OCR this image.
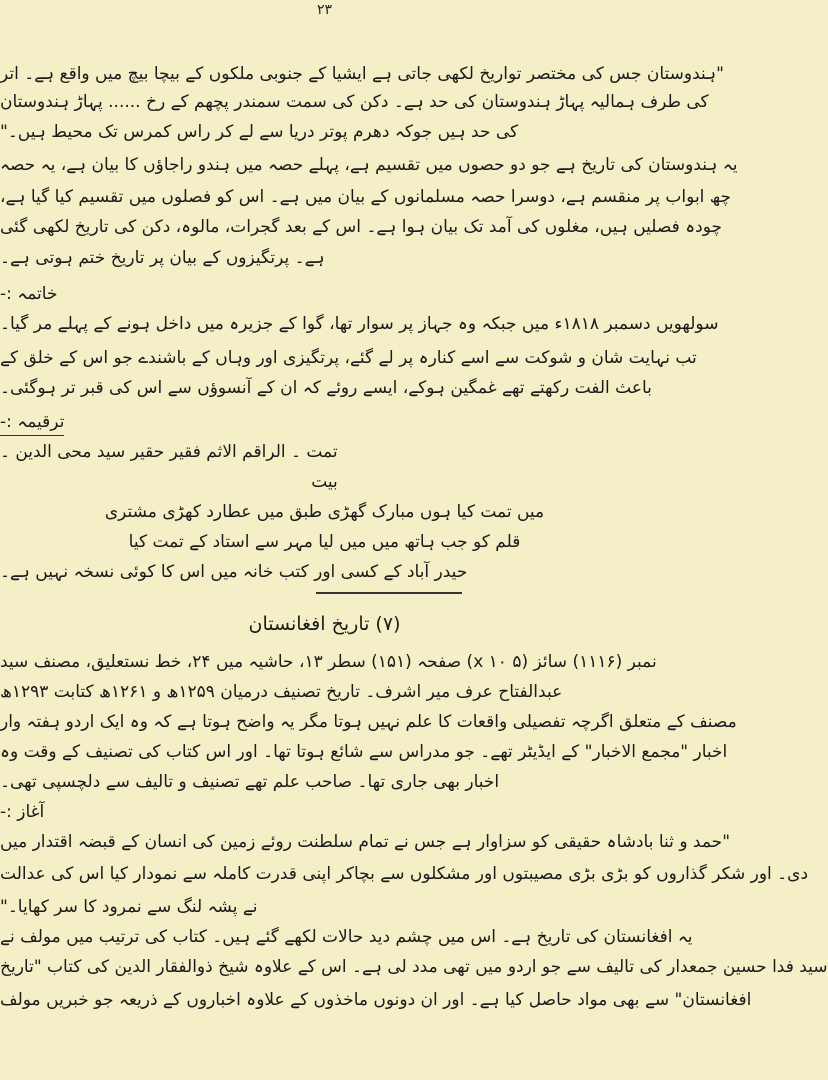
۲۳
"ہندوستان جس کی مختصر تواریخ لکھی جاتی ہے ایشیا کے جنوبی ملکوں کے بیچا بیچ میں واقع ہے۔ اتر
کی طرف ہمالیہ پہاڑ ہندوستان کی حد ہے۔ دکن کی سمت سمندر پچھم کے رخ ...... پہاڑ ہندوستان
کی حد ہیں جوکہ دھرم پوتر دریا سے لے کر راس کمرس تک محیط ہیں۔"
یہ ہندوستان کی تاریخ ہے جو دو حصوں میں تقسیم ہے، پہلے حصہ میں ہندو راجاؤں کا بیان ہے، یہ حصہ
چھ ابواب پر منقسم ہے، دوسرا حصہ مسلمانوں کے بیان میں ہے۔ اس کو فصلوں میں تقسیم کیا گیا ہے،
چودہ فصلیں ہیں، مغلوں کی آمد تک بیان ہوا ہے۔ اس کے بعد گجرات، مالوہ، دکن کی تاریخ لکھی گئی
ہے۔ پرتگیزوں کے بیان پر تاریخ ختم ہوتی ہے۔
خاتمہ :-
سولھویں دسمبر ۱۸۱۸ء میں جبکہ وہ جہاز پر سوار تھا، گوا کے جزیرہ میں داخل ہونے کے پہلے مر گیا۔
تب نہایت شان و شوکت سے اسے کنارہ پر لے گئے، پرتگیزی اور وہاں کے باشندے جو اس کے خلق کے
باعث الفت رکھتے تھے غمگین ہوکے، ایسے روئے کہ ان کے آنسوؤں سے اس کی قبر تر ہوگئی۔
ترقیمہ :-
تمت ۔ الراقم الاثم فقیر حقیر سید محی الدین ۔
بیت
میں تمت کیا ہوں مبارک گھڑی طبق میں عطارد کھڑی مشتری
قلم کو جب ہاتھ میں میں لیا مہر سے استاد کے تمت کیا
حیدر آباد کے کسی اور کتب خانہ میں اس کا کوئی نسخہ نہیں ہے۔
(۷) تاریخ افغانستان
نمبر (۱۱۱۶) سائز (۵ x ۱۰) صفحہ (۱۵۱) سطر ۱۳، حاشیہ میں ۲۴، خط نستعلیق، مصنف سید
عبدالفتاح عرف میر اشرف۔ تاریخ تصنیف درمیان ۱۲۵۹ھ و ۱۲۶۱ھ کتابت ۱۲۹۳ھ
مصنف کے متعلق اگرچہ تفصیلی واقعات کا علم نہیں ہوتا مگر یہ واضح ہوتا ہے کہ وہ ایک اردو ہفتہ وار
اخبار "مجمع الاخبار" کے ایڈیٹر تھے۔ جو مدراس سے شائع ہوتا تھا۔ اور اس کتاب کی تصنیف کے وقت وہ
اخبار بھی جاری تھا۔ صاحب علم تھے تصنیف و تالیف سے دلچسپی تھی۔
آغاز :-
"حمد و ثنا بادشاہ حقیقی کو سزاوار ہے جس نے تمام سلطنت روئے زمین کی انسان کے قبضہ اقتدار میں
دی۔ اور شکر گذاروں کو بڑی بڑی مصیبتوں اور مشکلوں سے بچاکر اپنی قدرت کاملہ سے نمودار کیا اس کی عدالت
نے پشہ لنگ سے نمرود کا سر کھایا۔"
یہ افغانستان کی تاریخ ہے۔ اس میں چشم دید حالات لکھے گئے ہیں۔ کتاب کی ترتیب میں مولف نے
سید فدا حسین جمعدار کی تالیف سے جو اردو میں تھی مدد لی ہے۔ اس کے علاوہ شیخ ذوالفقار الدین کی کتاب "تاریخ
افغانستان" سے بھی مواد حاصل کیا ہے۔ اور ان دونوں ماخذوں کے علاوہ اخباروں کے ذریعہ جو خبریں مولف
